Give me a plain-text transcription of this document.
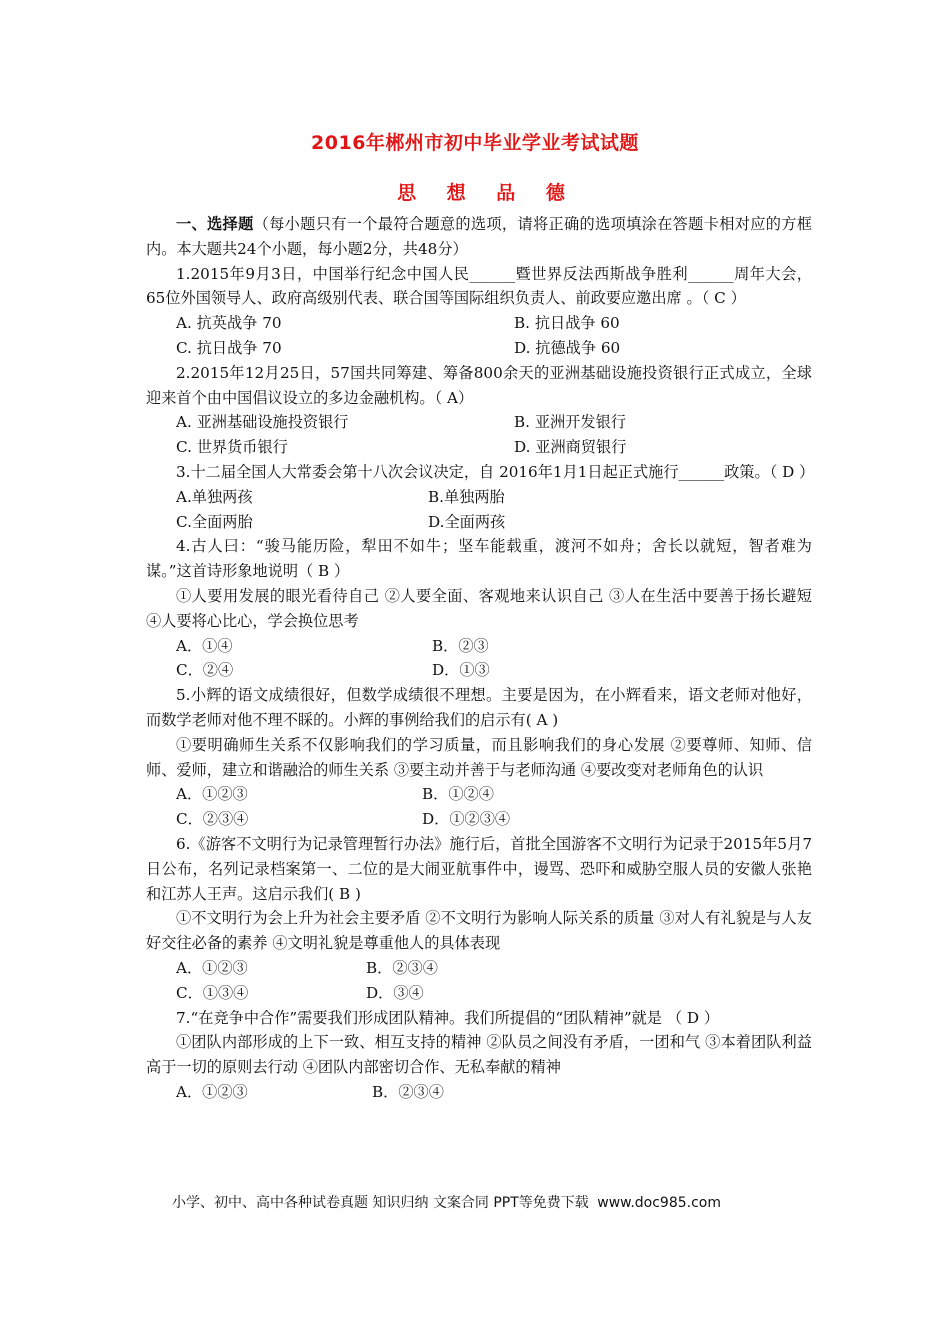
2016年郴州市初中毕业学业考试试题
思 想 品 德

一、选择题（每小题只有一个最符合题意的选项，请将正确的选项填涂在答题卡相对应的方框内。本大题共24个小题，每小题2分，共48分）

1.2015年9月3日，中国举行纪念中国人民______暨世界反法西斯战争胜利______周年大会，65位外国领导人、政府高级别代表、联合国等国际组织负责人、前政要应邀出席 。（ C ）

A. 抗英战争 70	B. 抗日战争 60
C. 抗日战争 70	D. 抗德战争 60

2.2015年12月25日，57国共同筹建、筹备800余天的亚洲基础设施投资银行正式成立，全球迎来首个由中国倡议设立的多边金融机构。（ A）

A. 亚洲基础设施投资银行	B. 亚洲开发银行
C. 世界货币银行	D. 亚洲商贸银行

3.十二届全国人大常委会第十八次会议决定，自 2016年1月1日起正式施行______政策。（ D ）

A.单独两孩	B.单独两胎
C.全面两胎	D.全面两孩

4.古人曰：“骏马能历险，犁田不如牛；坚车能载重，渡河不如舟；舍长以就短，智者难为谋。”这首诗形象地说明（ B ）

①人要用发展的眼光看待自己 ②人要全面、客观地来认识自己 ③人在生活中要善于扬长避短 ④人要将心比心，学会换位思考

A．①④	B．②③
C．②④	D．①③

5.小辉的语文成绩很好，但数学成绩很不理想。主要是因为，在小辉看来，语文老师对他好，而数学老师对他不理不睬的。小辉的事例给我们的启示有( A )

①要明确师生关系不仅影响我们的学习质量，而且影响我们的身心发展 ②要尊师、知师、信师、爱师，建立和谐融洽的师生关系 ③要主动并善于与老师沟通 ④要改变对老师角色的认识

A．①②③	B．①②④
C．②③④	D．①②③④

6.《游客不文明行为记录管理暂行办法》施行后，首批全国游客不文明行为记录于2015年5月7日公布，名列记录档案第一、二位的是大闹亚航事件中，谩骂、恐吓和威胁空服人员的安徽人张艳和江苏人王声。这启示我们( B )

①不文明行为会上升为社会主要矛盾 ②不文明行为影响人际关系的质量 ③对人有礼貌是与人友好交往必备的素养 ④文明礼貌是尊重他人的具体表现

A．①②③	B．②③④
C．①③④	D．③④

7.“在竞争中合作”需要我们形成团队精神。我们所提倡的“团队精神”就是 （ D ）

①团队内部形成的上下一致、相互支持的精神 ②队员之间没有矛盾，一团和气 ③本着团队利益高于一切的原则去行动 ④团队内部密切合作、无私奉献的精神

A．①②③	B．②③④
小学、初中、高中各种试卷真题 知识归纳 文案合同 PPT等免费下载 www.doc985.com
